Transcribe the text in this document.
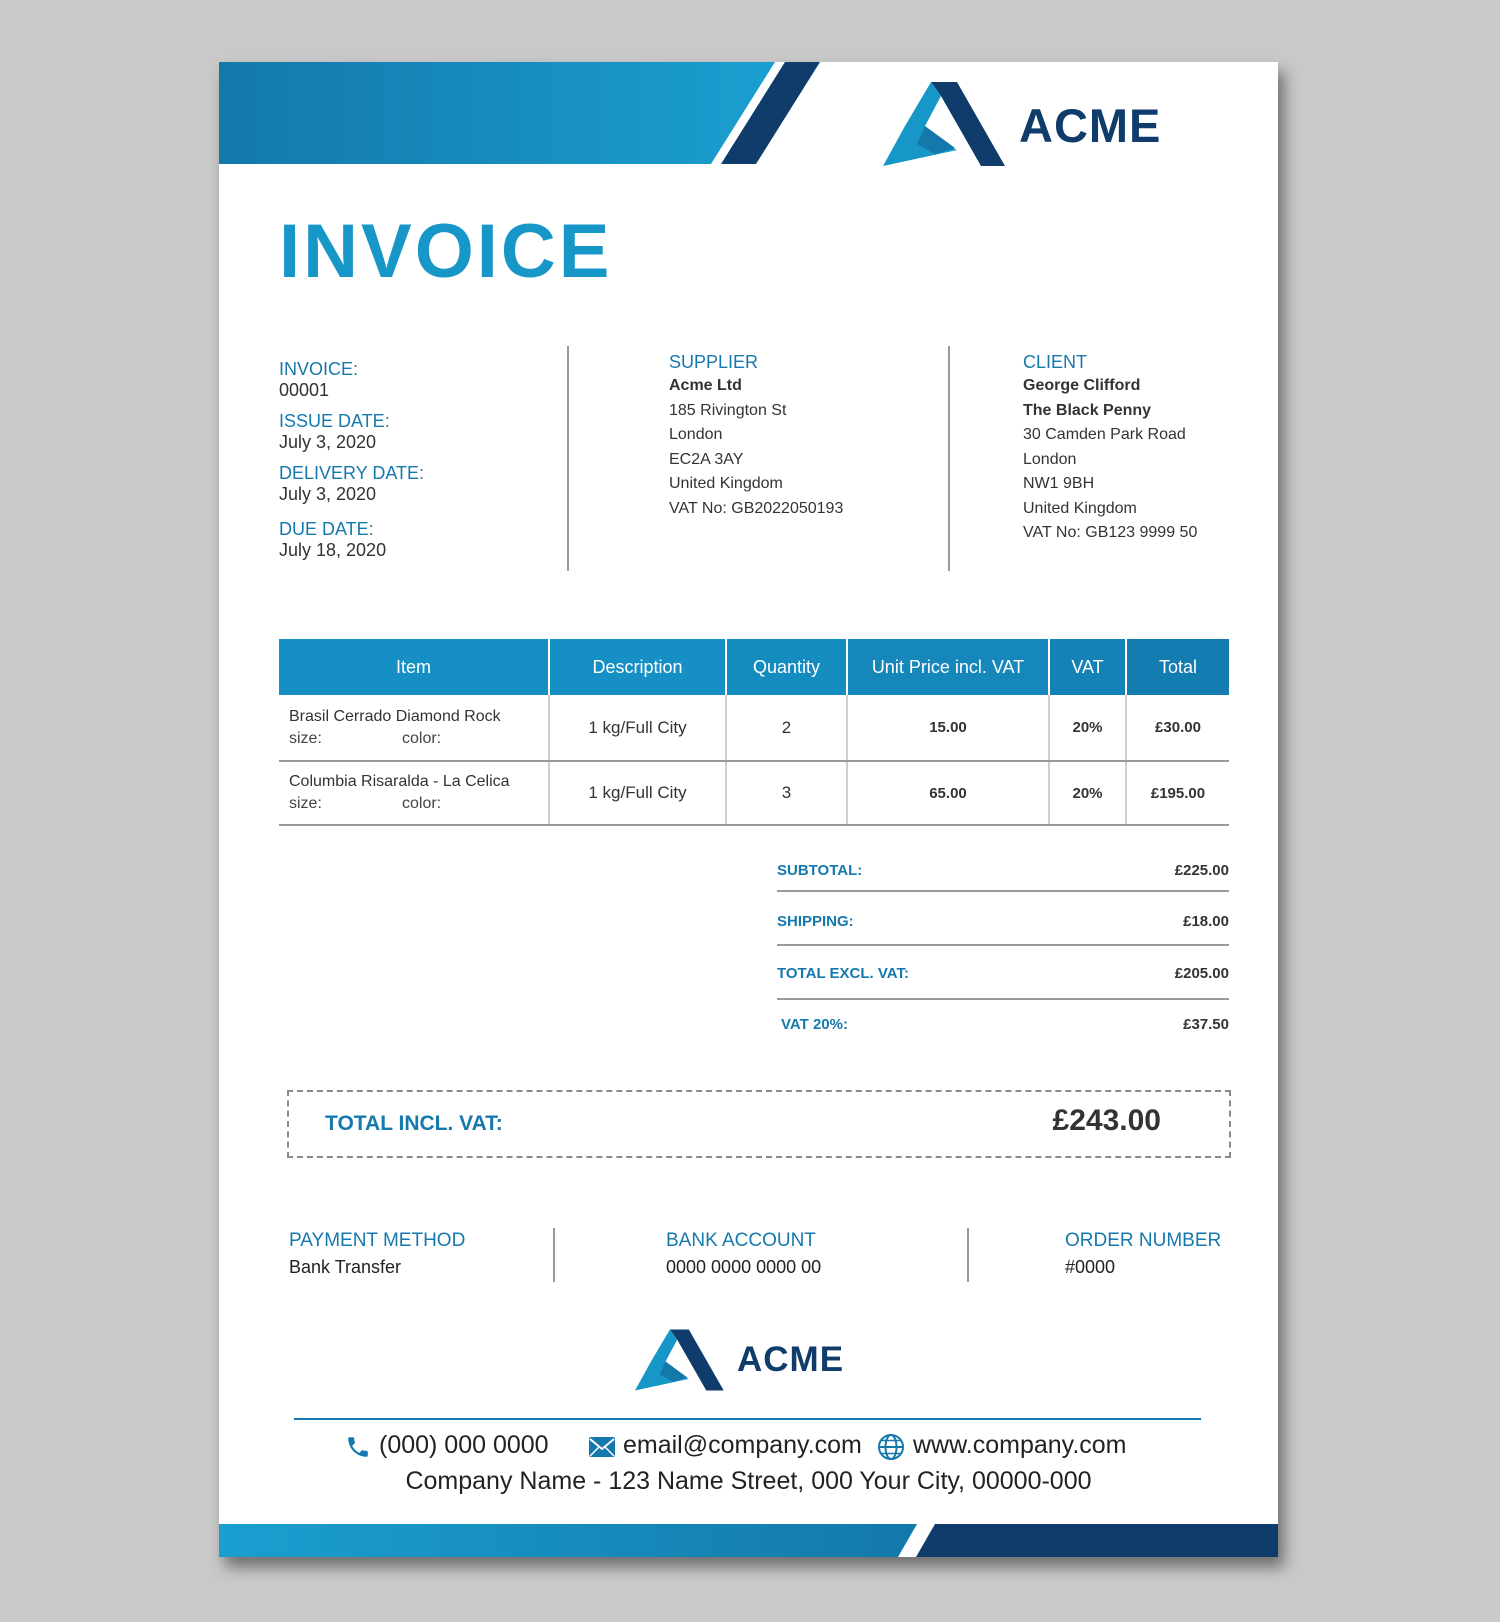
ACME
INVOICE
INVOICE:
00001
ISSUE DATE:
July 3, 2020
DELIVERY DATE:
July 3, 2020
DUE DATE:
July 18, 2020
SUPPLIER
Acme Ltd
185 Rivington St
London
EC2A 3AY
United Kingdom
VAT No: GB2022050193
CLIENT
George Clifford
The Black Penny
30 Camden Park Road
London
NW1 9BH
United Kingdom
VAT No: GB123 9999 50
Item	Description	Quantity	Unit Price incl. VAT	VAT	Total

Brasil Cerrado Diamond Rock
size: color:	1 kg/Full City	2	15.00	20%	£30.00

Columbia Risaralda - La Celica
size: color:	1 kg/Full City	3	65.00	20%	£195.00
SUBTOTAL:	£225.00
SHIPPING:	£18.00
TOTAL EXCL. VAT:	£205.00
VAT 20%:	£37.50
TOTAL INCL. VAT:	£243.00
PAYMENT METHOD
Bank Transfer
BANK ACCOUNT
0000 0000 0000 00
ORDER NUMBER
#0000
ACME
(000) 000 0000	email@company.com www.company.com
Company Name - 123 Name Street, 000 Your City, 00000-000
